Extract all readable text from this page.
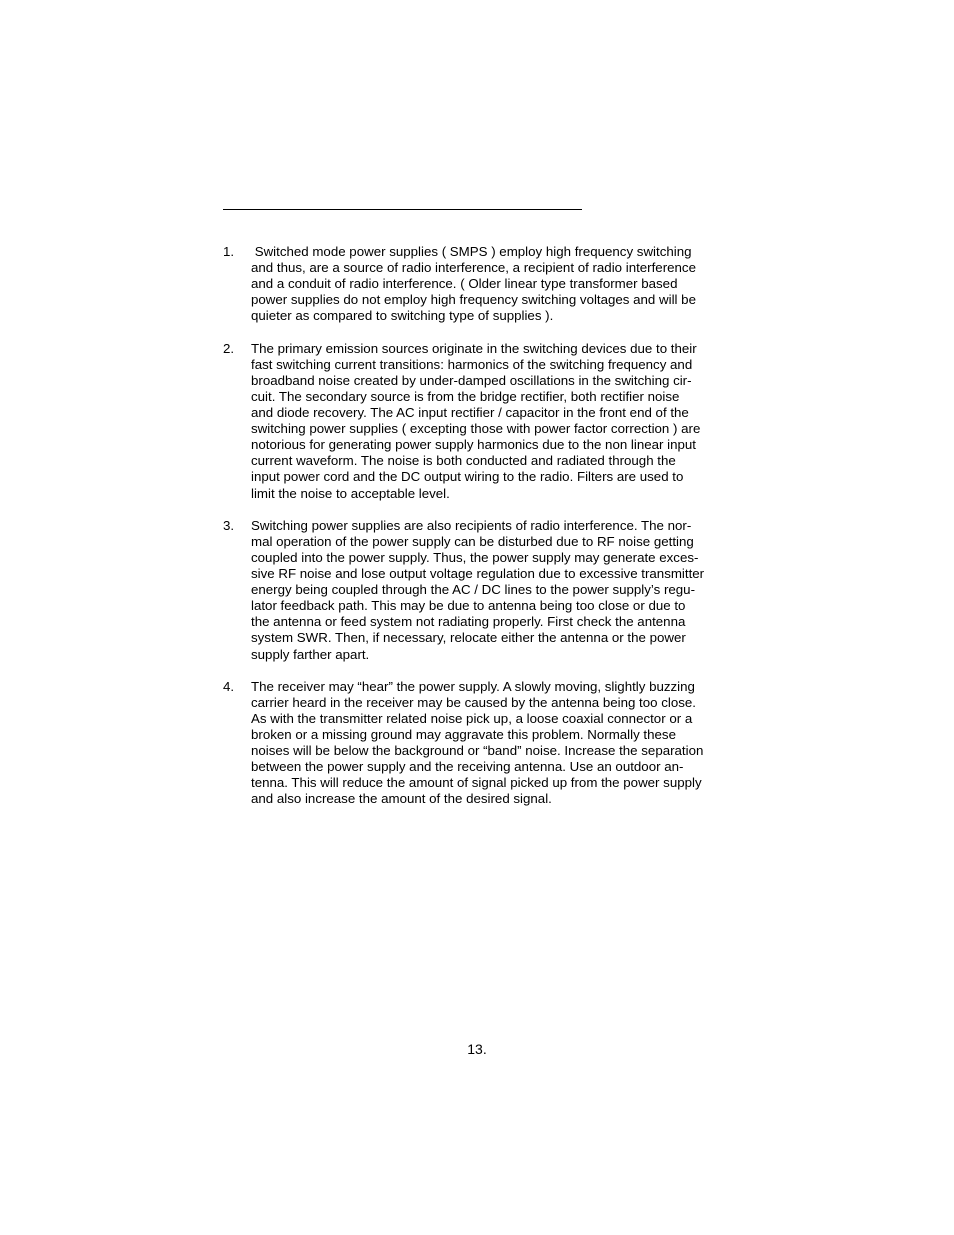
1. Switched mode power supplies ( SMPS ) employ high frequency switching
and thus, are a source of radio interference, a recipient of radio interference
and a conduit of radio interference. ( Older linear type transformer based
power supplies do not employ high frequency switching voltages and will be
quieter as compared to switching type of supplies ).
2. The primary emission sources originate in the switching devices due to their
fast switching current transitions: harmonics of the switching frequency and
broadband noise created by under-damped oscillations in the switching cir-
cuit. The secondary source is from the bridge rectifier, both rectifier noise
and diode recovery. The AC input rectifier / capacitor in the front end of the
switching power supplies ( excepting those with power factor correction ) are
notorious for generating power supply harmonics due to the non linear input
current waveform. The noise is both conducted and radiated through the
input power cord and the DC output wiring to the radio. Filters are used to
limit the noise to acceptable level.
3. Switching power supplies are also recipients of radio interference. The nor-
mal operation of the power supply can be disturbed due to RF noise getting
coupled into the power supply. Thus, the power supply may generate exces-
sive RF noise and lose output voltage regulation due to excessive transmitter
energy being coupled through the AC / DC lines to the power supply’s regu-
lator feedback path. This may be due to antenna being too close or due to
the antenna or feed system not radiating properly. First check the antenna
system SWR. Then, if necessary, relocate either the antenna or the power
supply farther apart.
4. The receiver may “hear” the power supply. A slowly moving, slightly buzzing
carrier heard in the receiver may be caused by the antenna being too close.
As with the transmitter related noise pick up, a loose coaxial connector or a
broken or a missing ground may aggravate this problem. Normally these
noises will be below the background or “band” noise. Increase the separation
between the power supply and the receiving antenna. Use an outdoor an-
tenna. This will reduce the amount of signal picked up from the power supply
and also increase the amount of the desired signal.
13.
